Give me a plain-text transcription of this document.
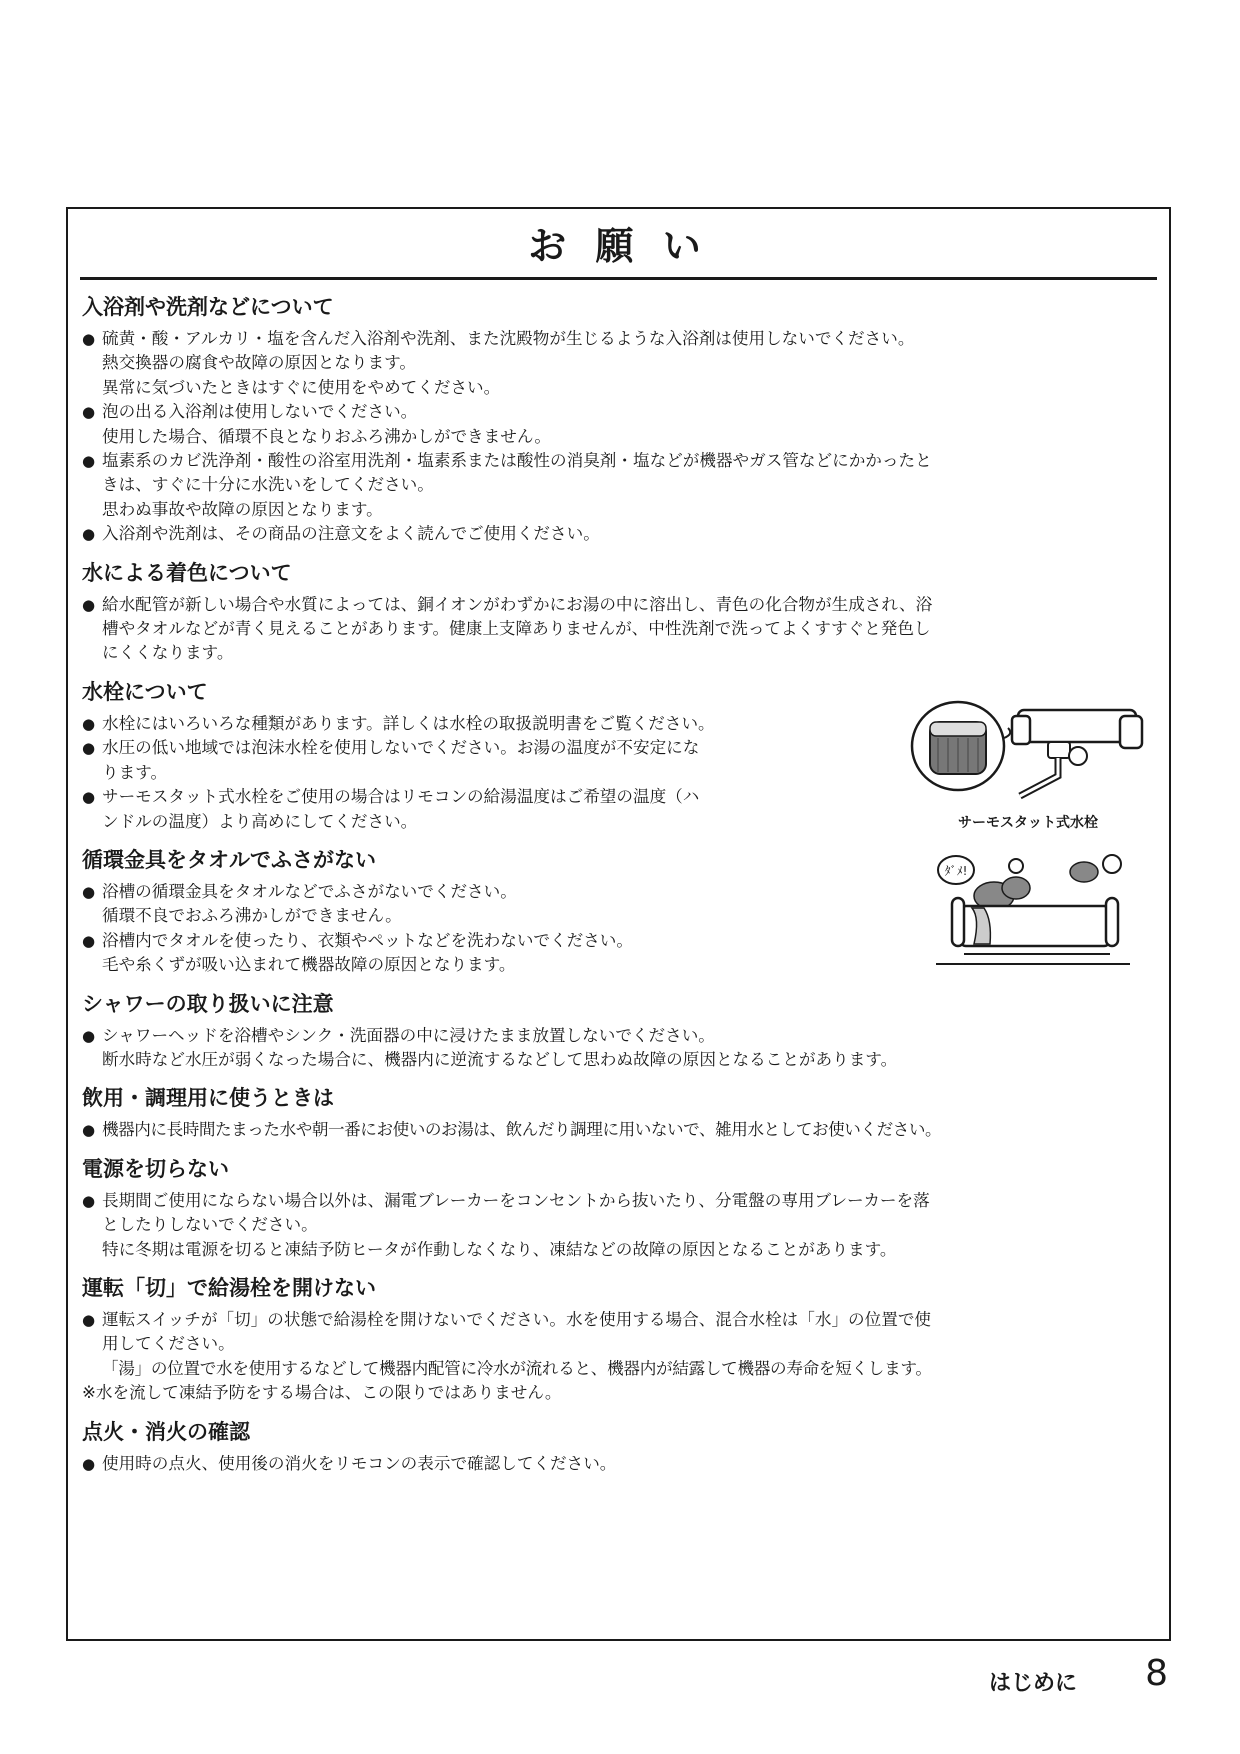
お 願 い
入浴剤や洗剤などについて
● 硫黄・酸・アルカリ・塩を含んだ入浴剤や洗剤、また沈殿物が生じるような入浴剤は使用しないでください。
熱交換器の腐食や故障の原因となります。
異常に気づいたときはすぐに使用をやめてください。
● 泡の出る入浴剤は使用しないでください。
使用した場合、循環不良となりおふろ沸かしができません。
● 塩素系のカビ洗浄剤・酸性の浴室用洗剤・塩素系または酸性の消臭剤・塩などが機器やガス管などにかかったと
きは、すぐに十分に水洗いをしてください。
思わぬ事故や故障の原因となります。
● 入浴剤や洗剤は、その商品の注意文をよく読んでご使用ください。
水による着色について
● 給水配管が新しい場合や水質によっては、銅イオンがわずかにお湯の中に溶出し、青色の化合物が生成され、浴
槽やタオルなどが青く見えることがあります。健康上支障ありませんが、中性洗剤で洗ってよくすすぐと発色し
にくくなります。
水栓について
● 水栓にはいろいろな種類があります。詳しくは水栓の取扱説明書をご覧ください。
● 水圧の低い地域では泡沫水栓を使用しないでください。お湯の温度が不安定にな
ります。
● サーモスタット式水栓をご使用の場合はリモコンの給湯温度はご希望の温度（ハ
ンドルの温度）より高めにしてください。	サーモスタット式水栓
循環金具をタオルでふさがない
● 浴槽の循環金具をタオルなどでふさがないでください。
循環不良でおふろ沸かしができません。
● 浴槽内でタオルを使ったり、衣類やペットなどを洗わないでください。
毛や糸くずが吸い込まれて機器故障の原因となります。
ﾀﾞﾒ!
シャワーの取り扱いに注意
● シャワーヘッドを浴槽やシンク・洗面器の中に浸けたまま放置しないでください。
断水時など水圧が弱くなった場合に、機器内に逆流するなどして思わぬ故障の原因となることがあります。
飲用・調理用に使うときは
● 機器内に長時間たまった水や朝一番にお使いのお湯は、飲んだり調理に用いないで、雑用水としてお使いください。
電源を切らない
● 長期間ご使用にならない場合以外は、漏電ブレーカーをコンセントから抜いたり、分電盤の専用ブレーカーを落
としたりしないでください。
特に冬期は電源を切ると凍結予防ヒータが作動しなくなり、凍結などの故障の原因となることがあります。
運転「切」で給湯栓を開けない
● 運転スイッチが「切」の状態で給湯栓を開けないでください。水を使用する場合、混合水栓は「水」の位置で使
用してください。
「湯」の位置で水を使用するなどして機器内配管に冷水が流れると、機器内が結露して機器の寿命を短くします。
※水を流して凍結予防をする場合は、この限りではありません。
点火・消火の確認
● 使用時の点火、使用後の消火をリモコンの表示で確認してください。
はじめに 8
